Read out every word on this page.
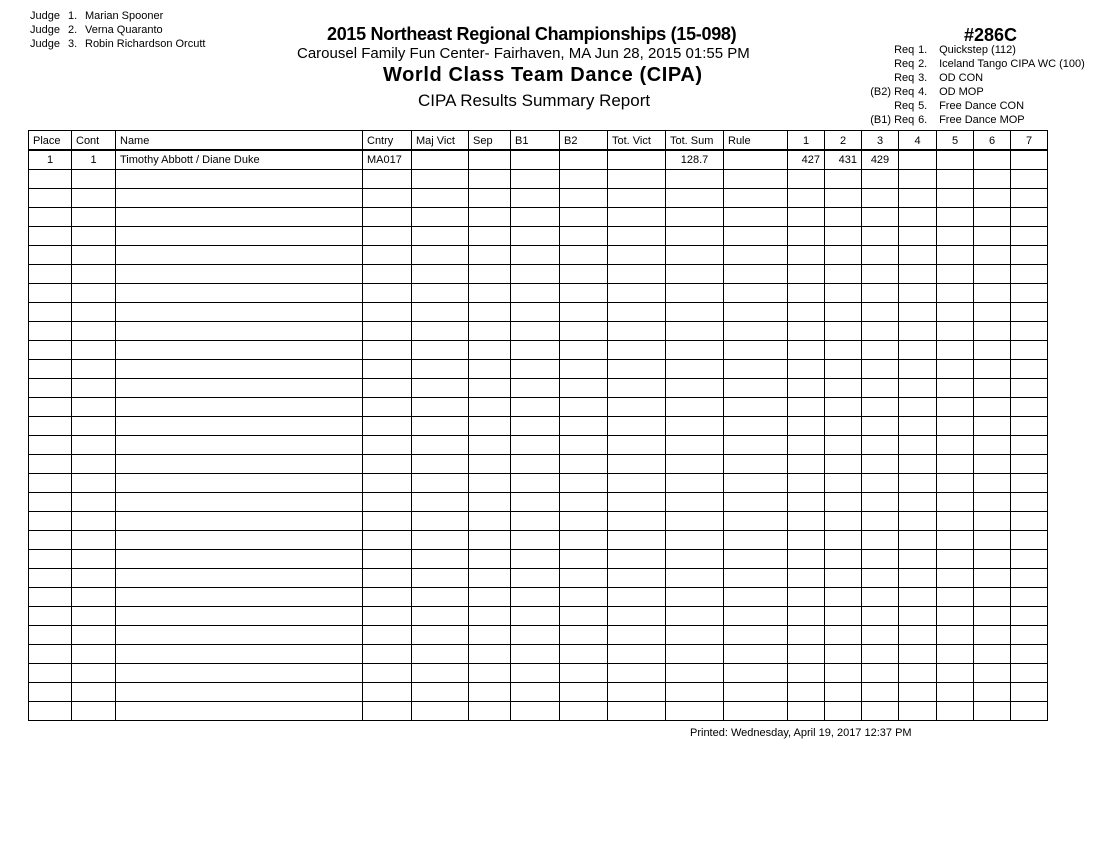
Judge 1. Marian Spooner
Judge 2. Verna Quaranto
Judge 3. Robin Richardson Orcutt	2015 Northeast Regional Championships (15-098)
Carousel Family Fun Center- Fairhaven, MA Jun 28, 2015 01:55 PM
World Class Team Dance (CIPA)
CIPA Results Summary Report
#286C
Req 1. Quickstep (112)
Req 2. Iceland Tango CIPA WC (100)
Req 3. OD CON
(B2) Req 4. OD MOP
Req 5. Free Dance CON
(B1) Req 6. Free Dance MOP
Place	Cont	Name	Cntry	Maj Vict	Sep	B1	B2	Tot. Vict	Tot. Sum	Rule	1	2	3	4	5	6	7
1	1	Timothy Abbott / Diane Duke	MA017						128.7		427	431	429				

Printed: Wednesday, April 19, 2017 12:37 PM
